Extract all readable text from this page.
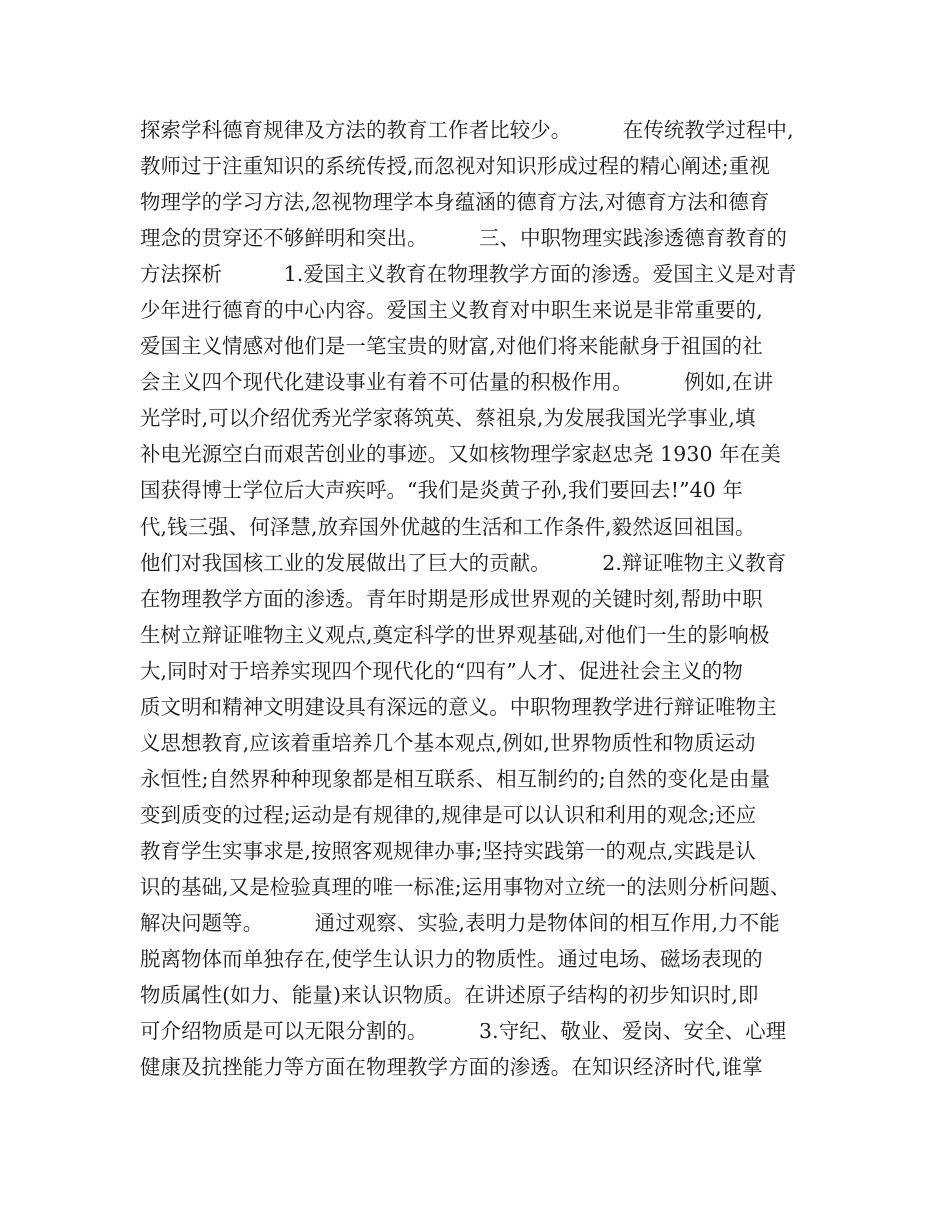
探索学科德育规律及方法的教育工作者比较少。　　　在传统教学过程中,
教师过于注重知识的系统传授,而忽视对知识形成过程的精心阐述;重视
物理学的学习方法,忽视物理学本身蕴涵的德育方法,对德育方法和德育
理念的贯穿还不够鲜明和突出。　　　三、中职物理实践渗透德育教育的
方法探析　　　1.爱国主义教育在物理教学方面的渗透。爱国主义是对青
少年进行德育的中心内容。爱国主义教育对中职生来说是非常重要的,
爱国主义情感对他们是一笔宝贵的财富,对他们将来能献身于祖国的社
会主义四个现代化建设事业有着不可估量的积极作用。　　　例如,在讲
光学时,可以介绍优秀光学家蒋筑英、蔡祖泉,为发展我国光学事业,填
补电光源空白而艰苦创业的事迹。又如核物理学家赵忠尧 1930 年在美
国获得博士学位后大声疾呼。“我们是炎黄子孙,我们要回去!”40 年
代,钱三强、何泽慧,放弃国外优越的生活和工作条件,毅然返回祖国。
他们对我国核工业的发展做出了巨大的贡献。　　　2.辩证唯物主义教育
在物理教学方面的渗透。青年时期是形成世界观的关键时刻,帮助中职
生树立辩证唯物主义观点,奠定科学的世界观基础,对他们一生的影响极
大,同时对于培养实现四个现代化的“四有”人才、促进社会主义的物
质文明和精神文明建设具有深远的意义。中职物理教学进行辩证唯物主
义思想教育,应该着重培养几个基本观点,例如,世界物质性和物质运动
永恒性;自然界种种现象都是相互联系、相互制约的;自然的变化是由量
变到质变的过程;运动是有规律的,规律是可以认识和利用的观念;还应
教育学生实事求是,按照客观规律办事;坚持实践第一的观点,实践是认
识的基础,又是检验真理的唯一标准;运用事物对立统一的法则分析问题、
解决问题等。　　　通过观察、实验,表明力是物体间的相互作用,力不能
脱离物体而单独存在,使学生认识力的物质性。通过电场、磁场表现的
物质属性(如力、能量)来认识物质。在讲述原子结构的初步知识时,即
可介绍物质是可以无限分割的。　　　3.守纪、敬业、爱岗、安全、心理
健康及抗挫能力等方面在物理教学方面的渗透。在知识经济时代,谁掌
